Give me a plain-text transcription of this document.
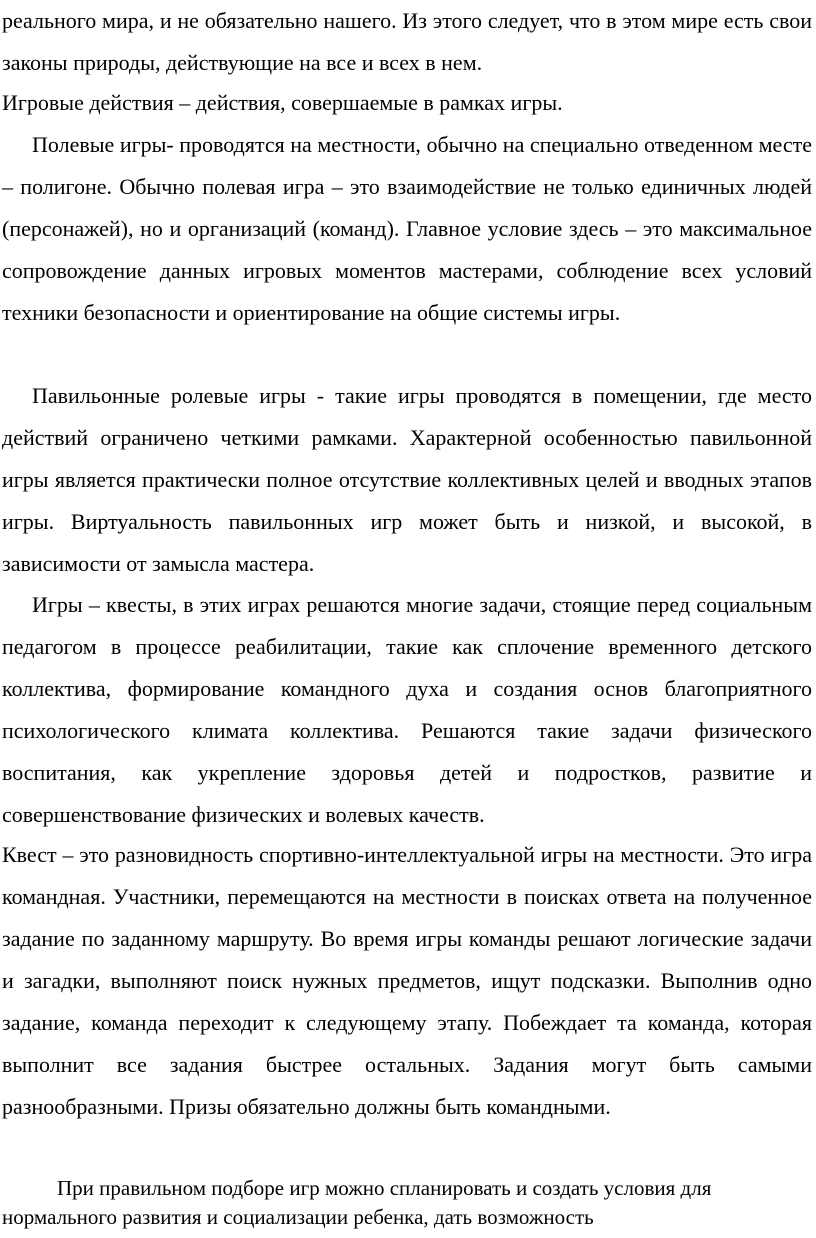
реального мира, и не обязательно нашего. Из этого следует, что в этом мире есть свои законы природы, действующие на все и всех в нем.

Игровые действия – действия, совершаемые в рамках игры.

Полевые игры- проводятся на местности, обычно на специально отведенном месте – полигоне. Обычно полевая игра – это взаимодействие не только единичных людей (персонажей), но и организаций (команд). Главное условие здесь – это максимальное сопровождение данных игровых моментов мастерами, соблюдение всех условий техники безопасности и ориентирование на общие системы игры.

Павильонные ролевые игры - такие игры проводятся в помещении, где место действий ограничено четкими рамками. Характерной особенностью павильонной игры является практически полное отсутствие коллективных целей и вводных этапов игры. Виртуальность павильонных игр может быть и низкой, и высокой, в зависимости от замысла мастера.

Игры – квесты, в этих играх решаются многие задачи, стоящие перед социальным педагогом в процессе реабилитации, такие как сплочение временного детского коллектива, формирование командного духа и создания основ благоприятного психологического климата коллектива. Решаются такие задачи физического воспитания, как укрепление здоровья детей и подростков, развитие и совершенствование физических и волевых качеств.

Квест – это разновидность спортивно-интеллектуальной игры на местности. Это игра командная. Участники, перемещаются на местности в поисках ответа на полученное задание по заданному маршруту. Во время игры команды решают логические задачи и загадки, выполняют поиск нужных предметов, ищут подсказки. Выполнив одно задание, команда переходит к следующему этапу. Побеждает та команда, которая выполнит все задания быстрее остальных. Задания могут быть самыми разнообразными. Призы обязательно должны быть командными.

При правильном подборе игр можно спланировать и создать условия для нормального развития и социализации ребенка, дать возможность
